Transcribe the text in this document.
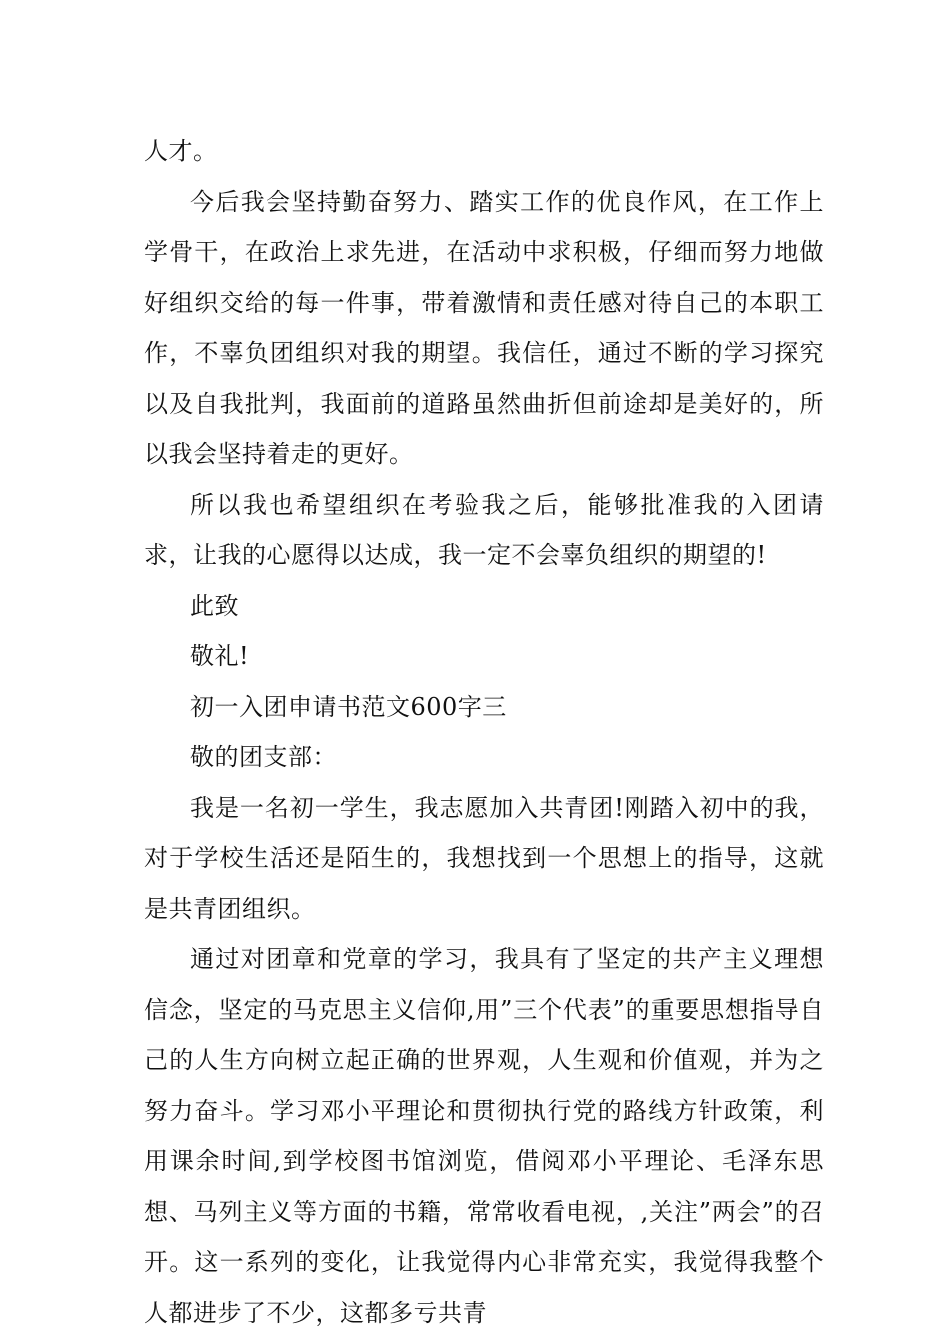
人才。

今后我会坚持勤奋努力、踏实工作的优良作风，在工作上学骨干，在政治上求先进，在活动中求积极，仔细而努力地做好组织交给的每一件事，带着激情和责任感对待自己的本职工作，不辜负团组织对我的期望。我信任，通过不断的学习探究以及自我批判，我面前的道路虽然曲折但前途却是美好的，所以我会坚持着走的更好。

所以我也希望组织在考验我之后，能够批准我的入团请求，让我的心愿得以达成，我一定不会辜负组织的期望的!

此致

敬礼!

初一入团申请书范文600字三

敬的团支部：

我是一名初一学生，我志愿加入共青团!刚踏入初中的我，对于学校生活还是陌生的，我想找到一个思想上的指导，这就是共青团组织。

通过对团章和党章的学习，我具有了坚定的共产主义理想信念，坚定的马克思主义信仰,用”三个代表”的重要思想指导自己的人生方向树立起正确的世界观，人生观和价值观，并为之努力奋斗。学习邓小平理论和贯彻执行党的路线方针政策，利用课余时间,到学校图书馆浏览，借阅邓小平理论、毛泽东思想、马列主义等方面的书籍，常常收看电视，,关注”两会”的召开。这一系列的变化，让我觉得内心非常充实，我觉得我整个人都进步了不少，这都多亏共青
